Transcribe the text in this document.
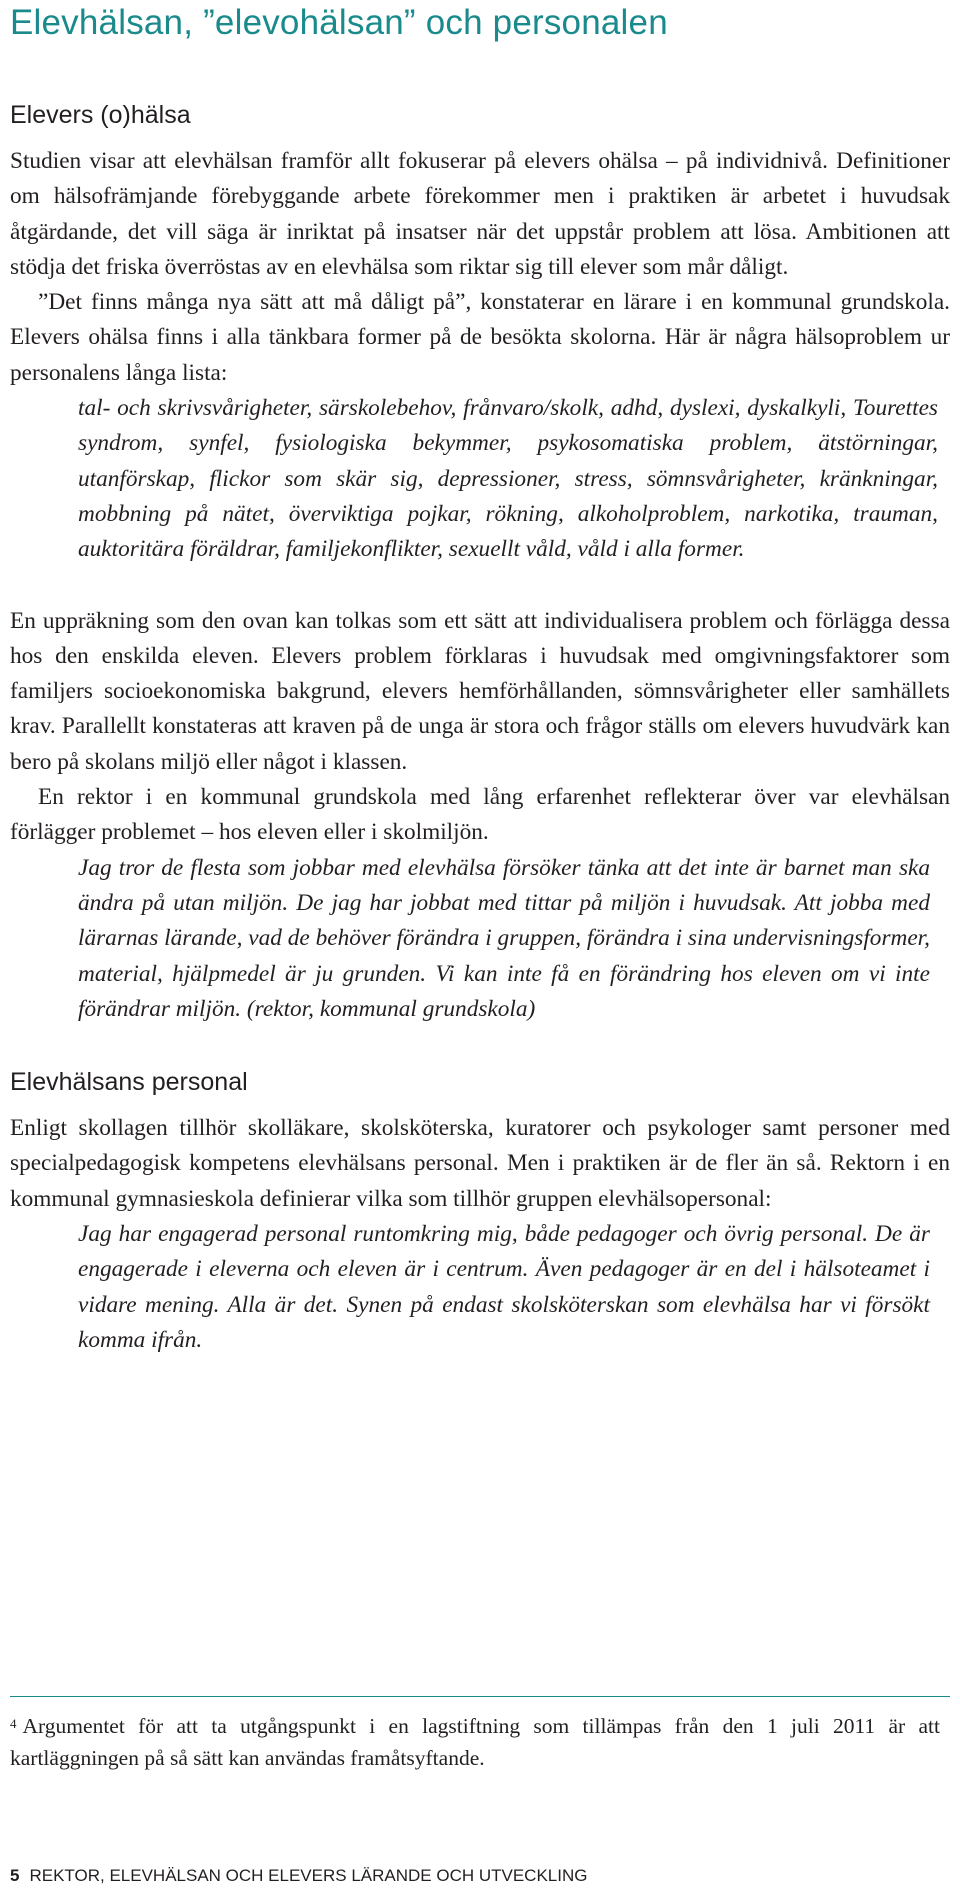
Elevhälsan, ”elevohälsan” och personalen
Elevers (o)hälsa

Studien visar att elevhälsan framför allt fokuserar på elevers ohälsa – på individnivå. Definitioner om hälsofrämjande förebyggande arbete förekommer men i praktiken är arbetet i huvudsak åtgärdande, det vill säga är inriktat på insatser när det uppstår problem att lösa. Ambitionen att stödja det friska överröstas av en elevhälsa som riktar sig till elever som mår dåligt.

”Det finns många nya sätt att må dåligt på”, konstaterar en lärare i en kommunal grundskola. Elevers ohälsa finns i alla tänkbara former på de besökta skolorna. Här är några hälsoproblem ur personalens långa lista:

tal- och skrivsvårigheter, särskolebehov, frånvaro/skolk, adhd, dyslexi, dyskalkyli, Tourettes syndrom, synfel, fysiologiska bekymmer, psykosomatiska problem, ätstörningar, utanförskap, flickor som skär sig, depressioner, stress, sömnsvårigheter, kränkningar, mobbning på nätet, överviktiga pojkar, rökning, alkoholproblem, narkotika, trauman, auktoritära föräldrar, familjekonflikter, sexuellt våld, våld i alla former.

En uppräkning som den ovan kan tolkas som ett sätt att individualisera problem och förlägga dessa hos den enskilda eleven. Elevers problem förklaras i huvudsak med omgivningsfaktorer som familjers socioekonomiska bakgrund, elevers hemförhållanden, sömnsvårigheter eller samhällets krav. Parallellt konstateras att kraven på de unga är stora och frågor ställs om elevers huvudvärk kan bero på skolans miljö eller något i klassen.

En rektor i en kommunal grundskola med lång erfarenhet reflekterar över var elevhälsan förlägger problemet – hos eleven eller i skolmiljön.

Jag tror de flesta som jobbar med elevhälsa försöker tänka att det inte är barnet man ska ändra på utan miljön. De jag har jobbat med tittar på miljön i huvudsak. Att jobba med lärarnas lärande, vad de behöver förändra i gruppen, förändra i sina undervisningsformer, material, hjälpmedel är ju grunden. Vi kan inte få en förändring hos eleven om vi inte förändrar miljön. (rektor, kommunal grundskola)

Elevhälsans personal

Enligt skollagen tillhör skolläkare, skolsköterska, kuratorer och psykologer samt personer med specialpedagogisk kompetens elevhälsans personal. Men i praktiken är de fler än så. Rektorn i en kommunal gymnasieskola definierar vilka som tillhör gruppen elevhälsopersonal:

Jag har engagerad personal runtomkring mig, både pedagoger och övrig personal. De är engagerade i eleverna och eleven är i centrum. Även pedagoger är en del i hälsoteamet i vidare mening. Alla är det. Synen på endast skolsköterskan som elevhälsa har vi försökt komma ifrån.

$^4$ Argumentet för att ta utgångspunkt i en lagstiftning som tillämpas från den 1 juli 2011 är att kartläggningen på så sätt kan användas framåtsyftande.

5 REKTOR, ELEVHÄLSAN OCH ELEVERS LÄRANDE OCH UTVECKLING
